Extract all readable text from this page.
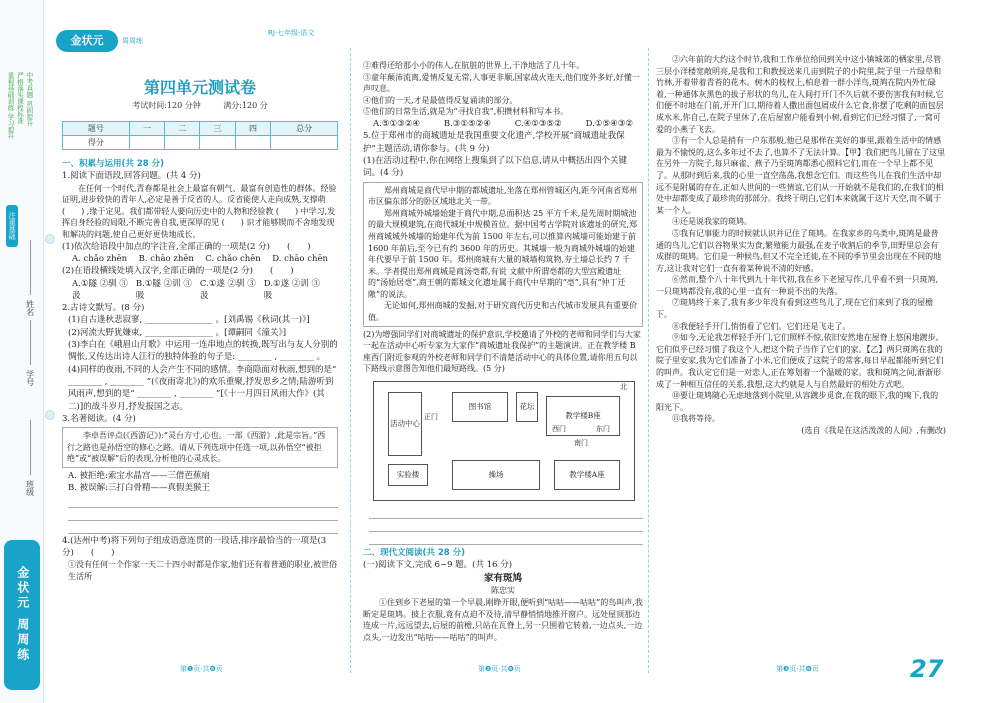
重视基础训练 学习提升 严格落实课程标准 中考真题 巩固提升
注重基础
姓名
学号
班级
金状元 周周练
金状元	周周练
RJ·七年级·语文
第四单元测试卷
考试时间:120 分钟	满分:120 分
题号	一	二	三	四	总分
得分					
一、积累与运用(共 28 分)
1.阅读下面语段,回答问题。(共 4 分)
在任何一个时代,青春都是社会上最富有朝气、最富有创造性的群体。经验证明,进步较快的青年人,必定是善于反省的人。反省能使人走向成熟,支撑萌 (　　) ,缘于定见。我们都带轻人要向历史中的人物和经验教 (　　) 中学习,发挥自身经验的局限,不断完善自我,更深厚的见 (　　) 识才能够锲而不舍地发现和解决的问题,使自己更好更快地成长。
(1)依次给语段中加点的字注音,全部正确的一项是(2 分)　　(　　)
A. chǎo zhēn B. chāo zhēn C. chǎo chēn D. chāo chēn
(2)在语段横线处填入汉字,全部正确的一项是(2 分)　　(　　)
A.①隧 ②驯 ③汲
B.①隧 ②训 ③吸
C.①遂 ②驯 ③汲
D.①遂 ②训 ③吸
2.古诗文默写。(8 分)
(1)自古逢秋悲寂寥, ________________ 。[刘禹锡《秋词(其一)》]
(2)河流大野犹嫌束, ________________ 。[谭嗣同《潼关》]
(3)李白在《峨眉山月歌》中运用一连串地点的转换,既写出与友人分别的惆怅,又传达出诗人江行的独特体验的句子是: ________ , ________ 。
(4)同样的夜雨,不同的人会产生不同的感情。李商隐面对秋雨,想到的是“ ________ , ________ ”(《夜雨寄北》)的欢乐重聚,抒发思乡之情;陆游听到风雨声,想到的是“ ________ , ________ ”[《十一月四日风雨大作》(其二)]的战斗岁月,抒发报国之志。
3.名著阅读。(4 分)
李卓吾评点(《西游记》):“灵台方寸,心也。一部《西游》,此是宗旨。”西行之路也是孙悟空的修心之路。请从下列选项中任选一项,以孙悟空“被拒绝”或“被误解”后的表现,分析他的心灵成长。
A. 被拒绝:索宝水晶宫——三借芭蕉扇
B. 被误解:三打白骨精——真假美猴王
4.(达州中考)将下列句子组成语意连贯的一段话,排序最恰当的一项是(3 分)　　(　　)
①没有任何一个作家一天二十四小时都是作家,他们还有着普通的职业,被世俗生活所
②难得还给那小小的伟人,在肮脏的世界上,干净地活了几十年。
③童年颠沛流离,爱情反复无常,人事更非顺,国家战火连天,他们度外多好,好懂一声叹息。
④他们的一天,才是最值得反复诵读的部分。
⑤他们的日常生活,就是为“寻找自我”,积攒材料和写本书。
A.⑤①③②④	B.③①⑤②④	C.④①③⑤②	D.①⑤④③②
5.位于郑州市的商城遗址是我国重要文化遗产,学校开展“商城遗址我保护”主题活动,请你参与。(共 9 分)
(1)在活动过程中,你在网络上搜集到了以下信息,请从中概括出四个关键词。(4 分)
郑州商城是商代早中期的都城遗址,坐落在郑州管城区内,距今河南省郑州市区偏东部分的卧区域地北关一带。
郑州商城外城墙始建于商代中期,总面积达 25 平方千米,是先周时期城池的最大规模建筑,在商代城址中规模首位。据中国考古学院对该遗址的研究,郑州商城城外城墙的始建年代为前 1500 年左右,可以推算内城墙可能始建于前 1600 年前后,至今已有约 3600 年的历史。其城墙一般为商城外城墙的始建年代要早于前 1500 年。郑州商城有大量的城墙构筑物,夯土墙总长约 7 千米。学者提出郑州商城是商汤亳都,有说 文献中所谓亳都的大型宫殿遗址的“汤始居亳”,商王朝的都城文化遗址属于商代中早期的“亳”,具有“仲丁迁隞”的说法。
无论如何,郑州商城的发掘,对于研究商代历史和古代城市发展具有重要价值。
(2)为增强同学们对商城遗址的保护意识,学校邀请了外校的老师和同学们与大家一起在活动中心听专家为大家作“商城遗址我保护”的主题演讲。正在教学楼 B 座西门附近参观的外校老师和同学们不清楚活动中心的具体位置,请你用五句以下路线示意图告知他们最短路线。(5 分)
活动中心
正门
图书馆	花坛
教学楼B座
西门	东门
南门
实验楼	操场	教学楼A座
北
二、现代文阅读(共 28 分)
(一)阅读下文,完成 6~9 题。(共 16 分)
家有斑鸠
陈忠实
①住到乡下老屋的第一个早晨,刚睁开眼,便听到“咕咕——咕咕”的鸟叫声,我断定是斑鸠。披上衣服,竟有点迫不及待,清早静悄悄地推开窗户。远处屋顶那边连成一片,远远望去,后屋的前檐,只站在瓦脊上,另一只围着它转着,一边点头,一边点头,一边发出“咕咕——咕咕”的叫声。
②六年前的大约这个时节,我和工作单位给回到关中这小镇城郊的栖家里,尽管三层小洋楼宽敞明亮,是我和工和教授送来几亩到院子的小院里,院子里一片绿草和竹林,开着带着青苔的花木。树木的枝杈上,柏息着一群小洋鸟,斑鸠在院内外忙碌着,一种通体灰黑色的拔子形状的鸟儿,在人间打开门不久后就不要伤害我有时候,它们便不时地在门前,开开门口,期待着人撒出面包屑成什么它食,你摆了吃剩的面包层成水米,你自己,在院子里休了,在后屋窗户能看到小树,看到它们已经习惯了,一窝可爱的小燕子飞去。
③有一个人总是捎有一户东那般,他已是那样在美好的事里,跟着生活中的情感最为不愉悦的,这么多年过不去了,也算不了无法计算。【甲】我们把鸟儿留在了这里在另外一方院子,每只麻雀、燕子乃至斑鸠都悉心照料它们,而在一个早上都不见了。从那时到后来,我的心里一直空荡荡,我想念它们。而这些鸟儿在我们生活中却远不是附属的存在,正如人世间的一些情谊,它们从一开始就不是我们的,在我们的相处中却都变成了最珍贵的那部分。我终于明白,它们本来就属于这片天空,而不属于某一个人。
④还是说我家的斑鸠。
⑤我有记事能力的时候就认识并记住了斑鸠。在我家乡的乌类中,斑鸠是最普通的鸟儿,它们以谷物果实为食,繁殖能力最强,在麦子收割后的季节,田野里总会有成群的斑鸠。它们是一种候鸟,但又不完全迁徙,在不同的季节里会出现在不同的地方,这让我对它们一直有着某种说不清的好感。
⑥然而,整个八十年代到九十年代初,我在乡下老屋写作,几乎看不到一只斑鸠,一只斑鸠都没有,我的心里一直有一种说不出的失落。
⑦斑鸠终于来了,我有多少年没有看到这些鸟儿了,现在它们来到了我的屋檐下。
⑧我便轻手开门,悄悄看了它们。它们还是飞走了。
⑨如今,无论我怎样轻手开门,它们照样不惊,依旧安然地在屋脊上悠闲地踱步。它们似乎已经习惯了我这个人,把这个院子当作了它们的家。【乙】两只斑鸠在我的院子里安家,我为它们准备了小米,它们便成了这院子的常客,每日早起都能听到它们的叫声。我认定它们是一对恋人,正在筹划着一个温暖的家。我和斑鸠之间,渐渐形成了一种相互信任的关系,我想,这大约就是人与自然最好的相处方式吧。
⑩要让斑鸠随心无虑地落到小院里,从容踱步觅食,在我的眼下,我的嗅下,我的阳光下。
⑪我将等待。
(选自《我是在这活泼泼的人间》,有删改)
第❶页·共❻页	第❷页·共❻页	第❸页·共❻页	27
